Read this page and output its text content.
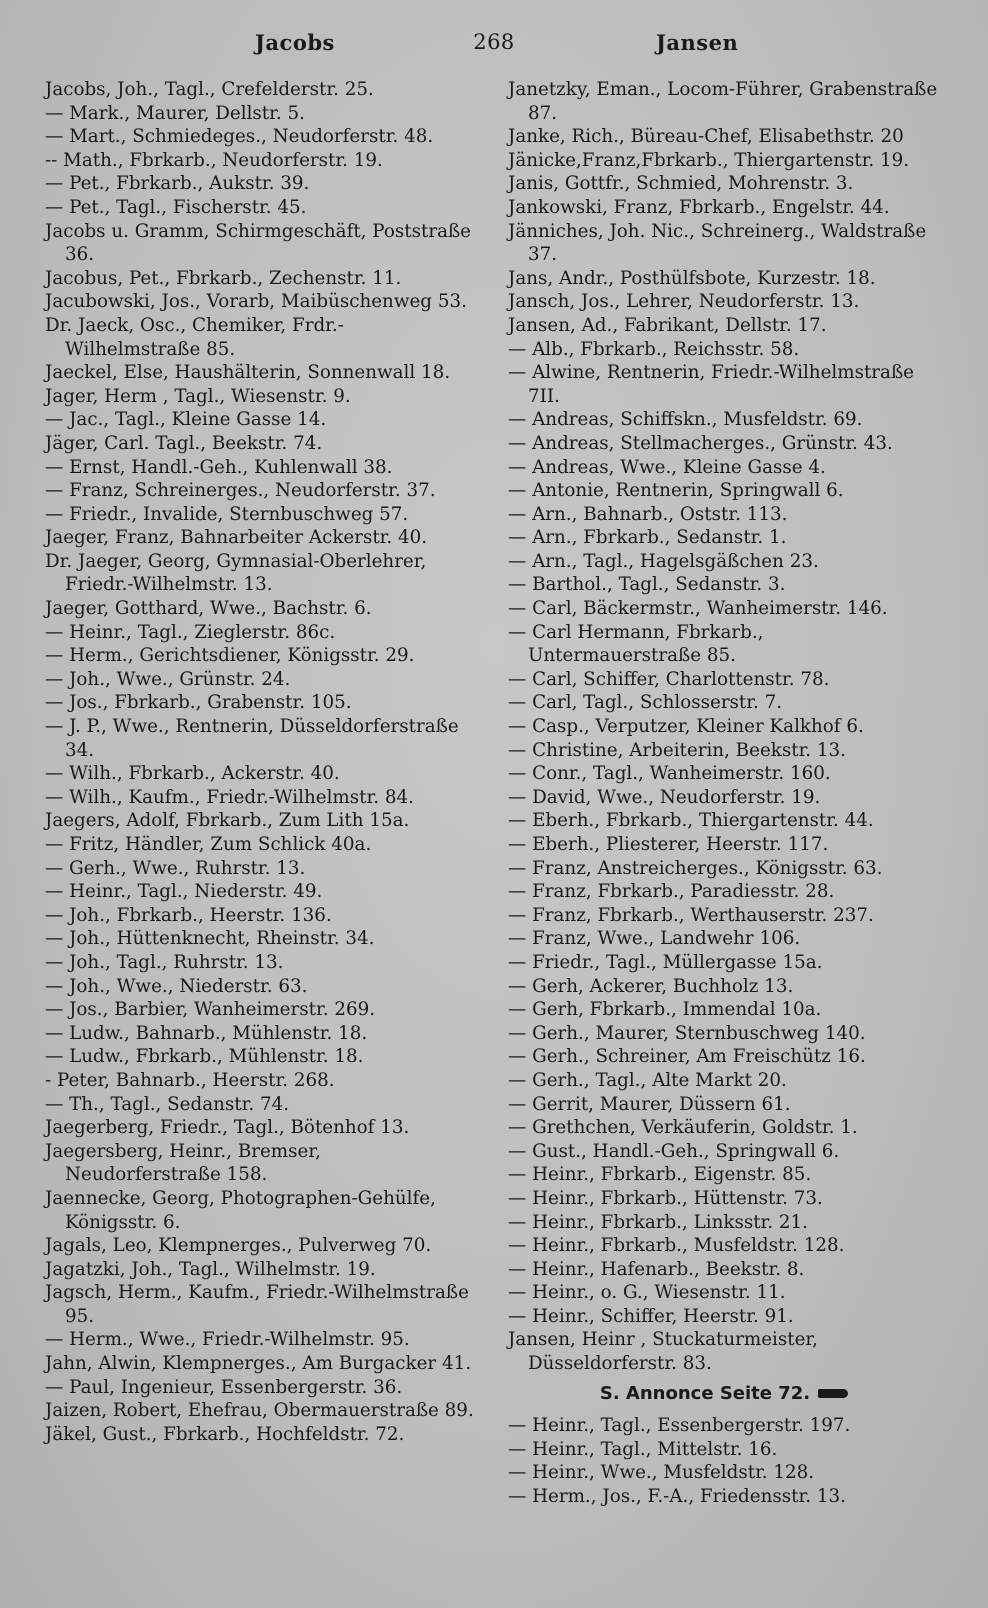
Jacobs	268	Jansen
Jacobs, Joh., Tagl., Crefelderstr. 25.
— Mark., Maurer, Dellstr. 5.
— Mart., Schmiedeges., Neudorferstr. 48.
-- Math., Fbrkarb., Neudorferstr. 19.
— Pet., Fbrkarb., Aukstr. 39.
— Pet., Tagl., Fischerstr. 45.
Jacobs u. Gramm, Schirmgeschäft, Poststraße 36.
Jacobus, Pet., Fbrkarb., Zechenstr. 11.
Jacubowski, Jos., Vorarb, Maibüschenweg 53.
Dr. Jaeck, Osc., Chemiker, Frdr.-Wilhelmstraße 85.
Jaeckel, Else, Haushälterin, Sonnenwall 18.
Jager, Herm , Tagl., Wiesenstr. 9.
— Jac., Tagl., Kleine Gasse 14.
Jäger, Carl. Tagl., Beekstr. 74.
— Ernst, Handl.-Geh., Kuhlenwall 38.
— Franz, Schreinerges., Neudorferstr. 37.
— Friedr., Invalide, Sternbuschweg 57.
Jaeger, Franz, Bahnarbeiter Ackerstr. 40.
Dr. Jaeger, Georg, Gymnasial-Oberlehrer, Friedr.-Wilhelmstr. 13.
Jaeger, Gotthard, Wwe., Bachstr. 6.
— Heinr., Tagl., Zieglerstr. 86c.
— Herm., Gerichtsdiener, Königsstr. 29.
— Joh., Wwe., Grünstr. 24.
— Jos., Fbrkarb., Grabenstr. 105.
— J. P., Wwe., Rentnerin, Düsseldorferstraße 34.
— Wilh., Fbrkarb., Ackerstr. 40.
— Wilh., Kaufm., Friedr.-Wilhelmstr. 84.
Jaegers, Adolf, Fbrkarb., Zum Lith 15a.
— Fritz, Händler, Zum Schlick 40a.
— Gerh., Wwe., Ruhrstr. 13.
— Heinr., Tagl., Niederstr. 49.
— Joh., Fbrkarb., Heerstr. 136.
— Joh., Hüttenknecht, Rheinstr. 34.
— Joh., Tagl., Ruhrstr. 13.
— Joh., Wwe., Niederstr. 63.
— Jos., Barbier, Wanheimerstr. 269.
— Ludw., Bahnarb., Mühlenstr. 18.
— Ludw., Fbrkarb., Mühlenstr. 18.
- Peter, Bahnarb., Heerstr. 268.
— Th., Tagl., Sedanstr. 74.
Jaegerberg, Friedr., Tagl., Bötenhof 13.
Jaegersberg, Heinr., Bremser, Neudorferstraße 158.
Jaennecke, Georg, Photographen-Gehülfe, Königsstr. 6.
Jagals, Leo, Klempnerges., Pulverweg 70.
Jagatzki, Joh., Tagl., Wilhelmstr. 19.
Jagsch, Herm., Kaufm., Friedr.-Wilhelmstraße 95.
— Herm., Wwe., Friedr.-Wilhelmstr. 95.
Jahn, Alwin, Klempnerges., Am Burgacker 41.
— Paul, Ingenieur, Essenbergerstr. 36.
Jaizen, Robert, Ehefrau, Obermauerstraße 89.
Jäkel, Gust., Fbrkarb., Hochfeldstr. 72.
Janetzky, Eman., Locom-Führer, Grabenstraße 87.
Janke, Rich., Büreau-Chef, Elisabethstr. 20
Jänicke,Franz,Fbrkarb., Thiergartenstr. 19.
Janis, Gottfr., Schmied, Mohrenstr. 3.
Jankowski, Franz, Fbrkarb., Engelstr. 44.
Jänniches, Joh. Nic., Schreinerg., Waldstraße 37.
Jans, Andr., Posthülfsbote, Kurzestr. 18.
Jansch, Jos., Lehrer, Neudorferstr. 13.
Jansen, Ad., Fabrikant, Dellstr. 17.
— Alb., Fbrkarb., Reichsstr. 58.
— Alwine, Rentnerin, Friedr.-Wilhelmstraße 7II.
— Andreas, Schiffskn., Musfeldstr. 69.
— Andreas, Stellmacherges., Grünstr. 43.
— Andreas, Wwe., Kleine Gasse 4.
— Antonie, Rentnerin, Springwall 6.
— Arn., Bahnarb., Oststr. 113.
— Arn., Fbrkarb., Sedanstr. 1.
— Arn., Tagl., Hagelsgäßchen 23.
— Barthol., Tagl., Sedanstr. 3.
— Carl, Bäckermstr., Wanheimerstr. 146.
— Carl Hermann, Fbrkarb., Untermauerstraße 85.
— Carl, Schiffer, Charlottenstr. 78.
— Carl, Tagl., Schlosserstr. 7.
— Casp., Verputzer, Kleiner Kalkhof 6.
— Christine, Arbeiterin, Beekstr. 13.
— Conr., Tagl., Wanheimerstr. 160.
— David, Wwe., Neudorferstr. 19.
— Eberh., Fbrkarb., Thiergartenstr. 44.
— Eberh., Pliesterer, Heerstr. 117.
— Franz, Anstreicherges., Königsstr. 63.
— Franz, Fbrkarb., Paradiesstr. 28.
— Franz, Fbrkarb., Werthauserstr. 237.
— Franz, Wwe., Landwehr 106.
— Friedr., Tagl., Müllergasse 15a.
— Gerh, Ackerer, Buchholz 13.
— Gerh, Fbrkarb., Immendal 10a.
— Gerh., Maurer, Sternbuschweg 140.
— Gerh., Schreiner, Am Freischütz 16.
— Gerh., Tagl., Alte Markt 20.
— Gerrit, Maurer, Düssern 61.
— Grethchen, Verkäuferin, Goldstr. 1.
— Gust., Handl.-Geh., Springwall 6.
— Heinr., Fbrkarb., Eigenstr. 85.
— Heinr., Fbrkarb., Hüttenstr. 73.
— Heinr., Fbrkarb., Linksstr. 21.
— Heinr., Fbrkarb., Musfeldstr. 128.
— Heinr., Hafenarb., Beekstr. 8.
— Heinr., o. G., Wiesenstr. 11.
— Heinr., Schiffer, Heerstr. 91.
Jansen, Heinr , Stuckaturmeister, Düsseldorferstr. 83.
S. Annonce Seite 72.
— Heinr., Tagl., Essenbergerstr. 197.
— Heinr., Tagl., Mittelstr. 16.
— Heinr., Wwe., Musfeldstr. 128.
— Herm., Jos., F.-A., Friedensstr. 13.
